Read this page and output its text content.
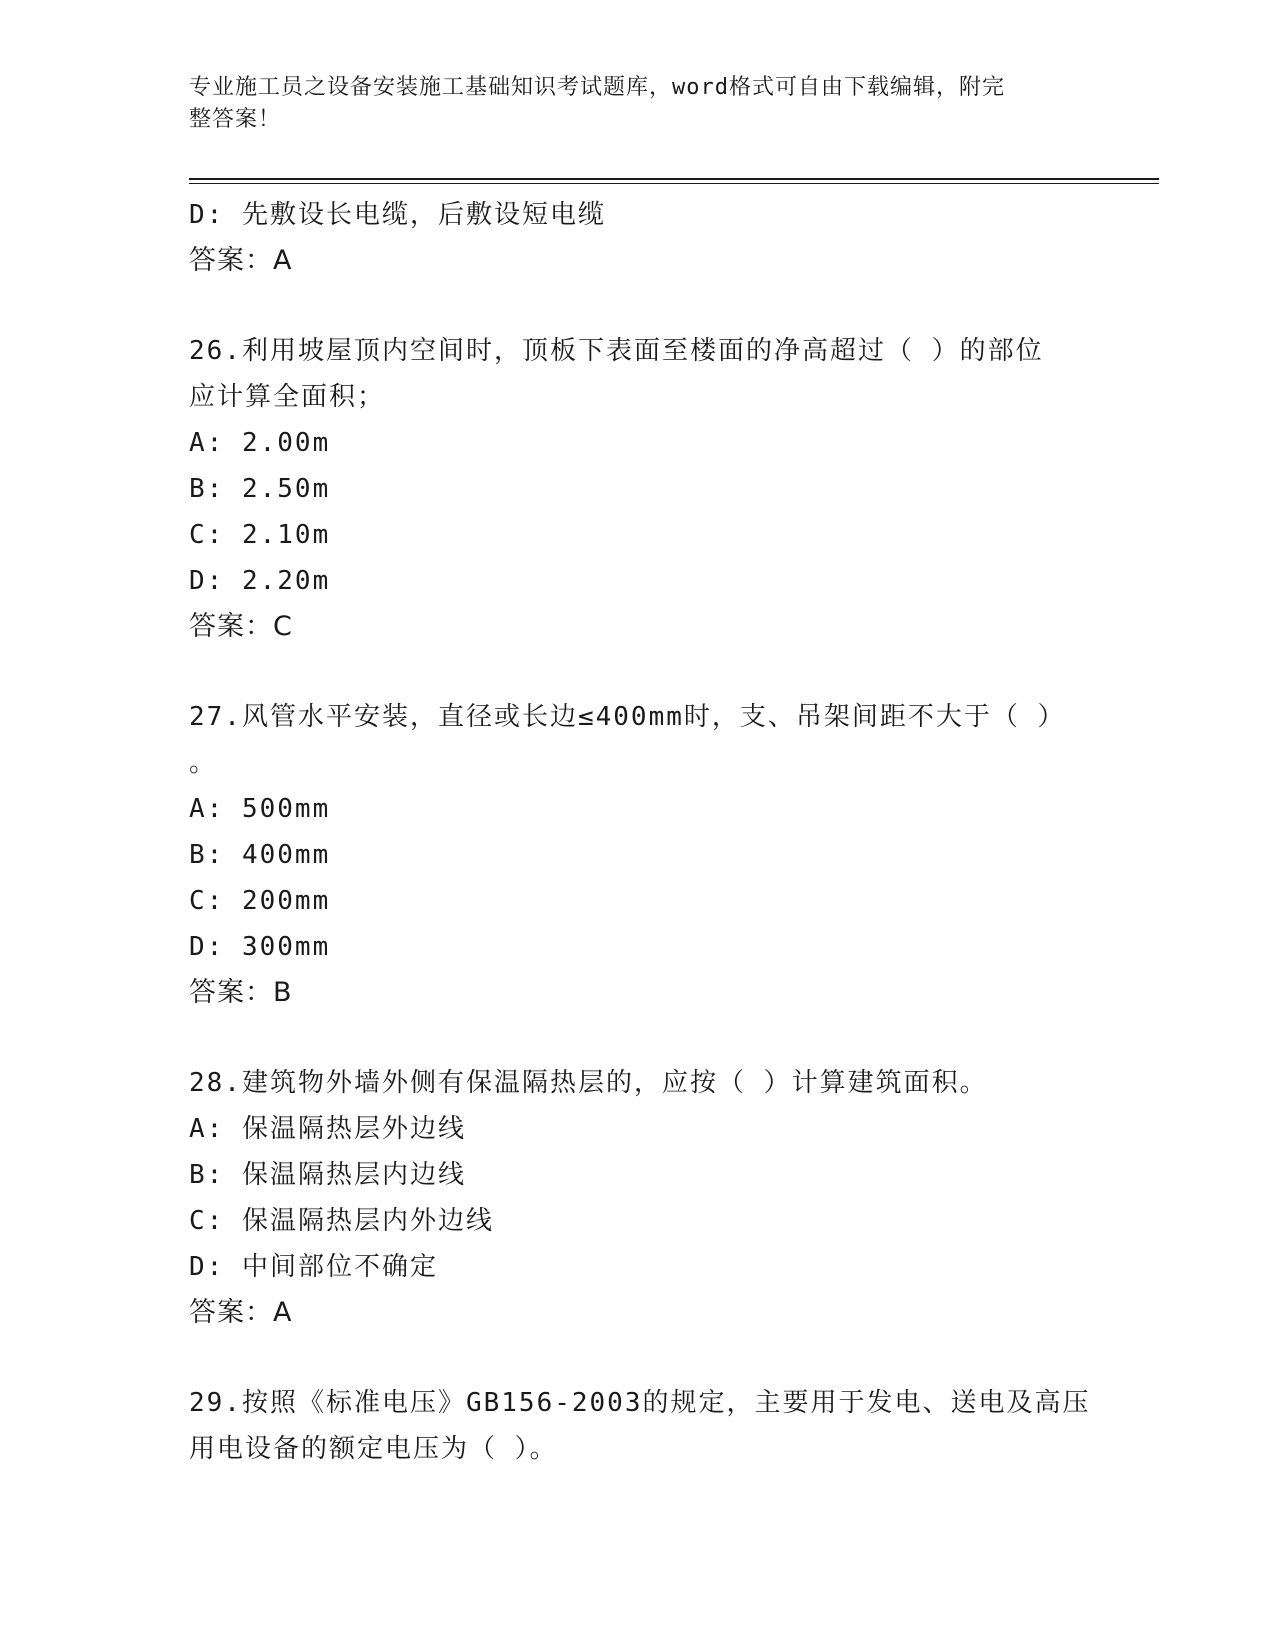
专业施工员之设备安装施工基础知识考试题库，word格式可自由下载编辑，附完
整答案！
D: 先敷设长电缆，后敷设短电缆
答案：A
26.利用坡屋顶内空间时，顶板下表面至楼面的净高超过（ ）的部位
应计算全面积；
A: 2.00m
B: 2.50m
C: 2.10m
D: 2.20m
答案：C
27.风管水平安装，直径或长边≤400mm时，支、吊架间距不大于（ ）
。
A: 500mm
B: 400mm
C: 200mm
D: 300mm
答案：B
28.建筑物外墙外侧有保温隔热层的，应按（ ）计算建筑面积。
A: 保温隔热层外边线
B: 保温隔热层内边线
C: 保温隔热层内外边线
D: 中间部位不确定
答案：A
29.按照《标准电压》GB156-2003的规定，主要用于发电、送电及高压
用电设备的额定电压为（ ）。
